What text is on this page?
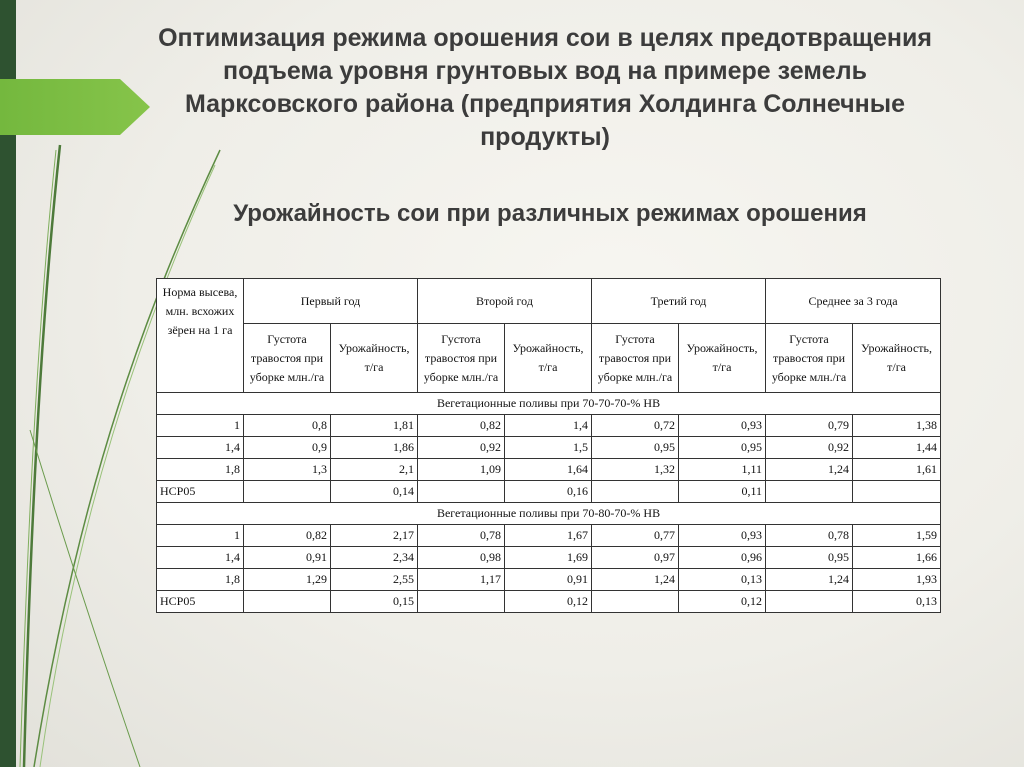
Оптимизация режима орошения сои в целях предотвращения подъема уровня грунтовых вод на примере земель Марксовского района (предприятия Холдинга Солнечные продукты)
Урожайность сои при различных режимах орошения
Норма высева, млн. всхожих зёрен на 1 га	Первый год		Второй год		Третий год		Среднее за 3 года	

	Густота травостоя при уборке млн./га	Урожайность, т/га	Густота травостоя при уборке млн./га	Урожайность, т/га	Густота травостоя при уборке млн./га	Урожайность, т/га	Густота травостоя при уборке млн./га	Урожайность, т/га

Вегетационные поливы при 70-70-70-% НВ								
1	0,8	1,81	0,82	1,4	0,72	0,93	0,79	1,38
1,4	0,9	1,86	0,92	1,5	0,95	0,95	0,92	1,44
1,8	1,3	2,1	1,09	1,64	1,32	1,11	1,24	1,61
НСР05		0,14		0,16		0,11		
Вегетационные поливы при 70-80-70-% НВ								
1	0,82	2,17	0,78	1,67	0,77	0,93	0,78	1,59
1,4	0,91	2,34	0,98	1,69	0,97	0,96	0,95	1,66
1,8	1,29	2,55	1,17	0,91	1,24	0,13	1,24	1,93
НСР05		0,15		0,12		0,12		0,13
